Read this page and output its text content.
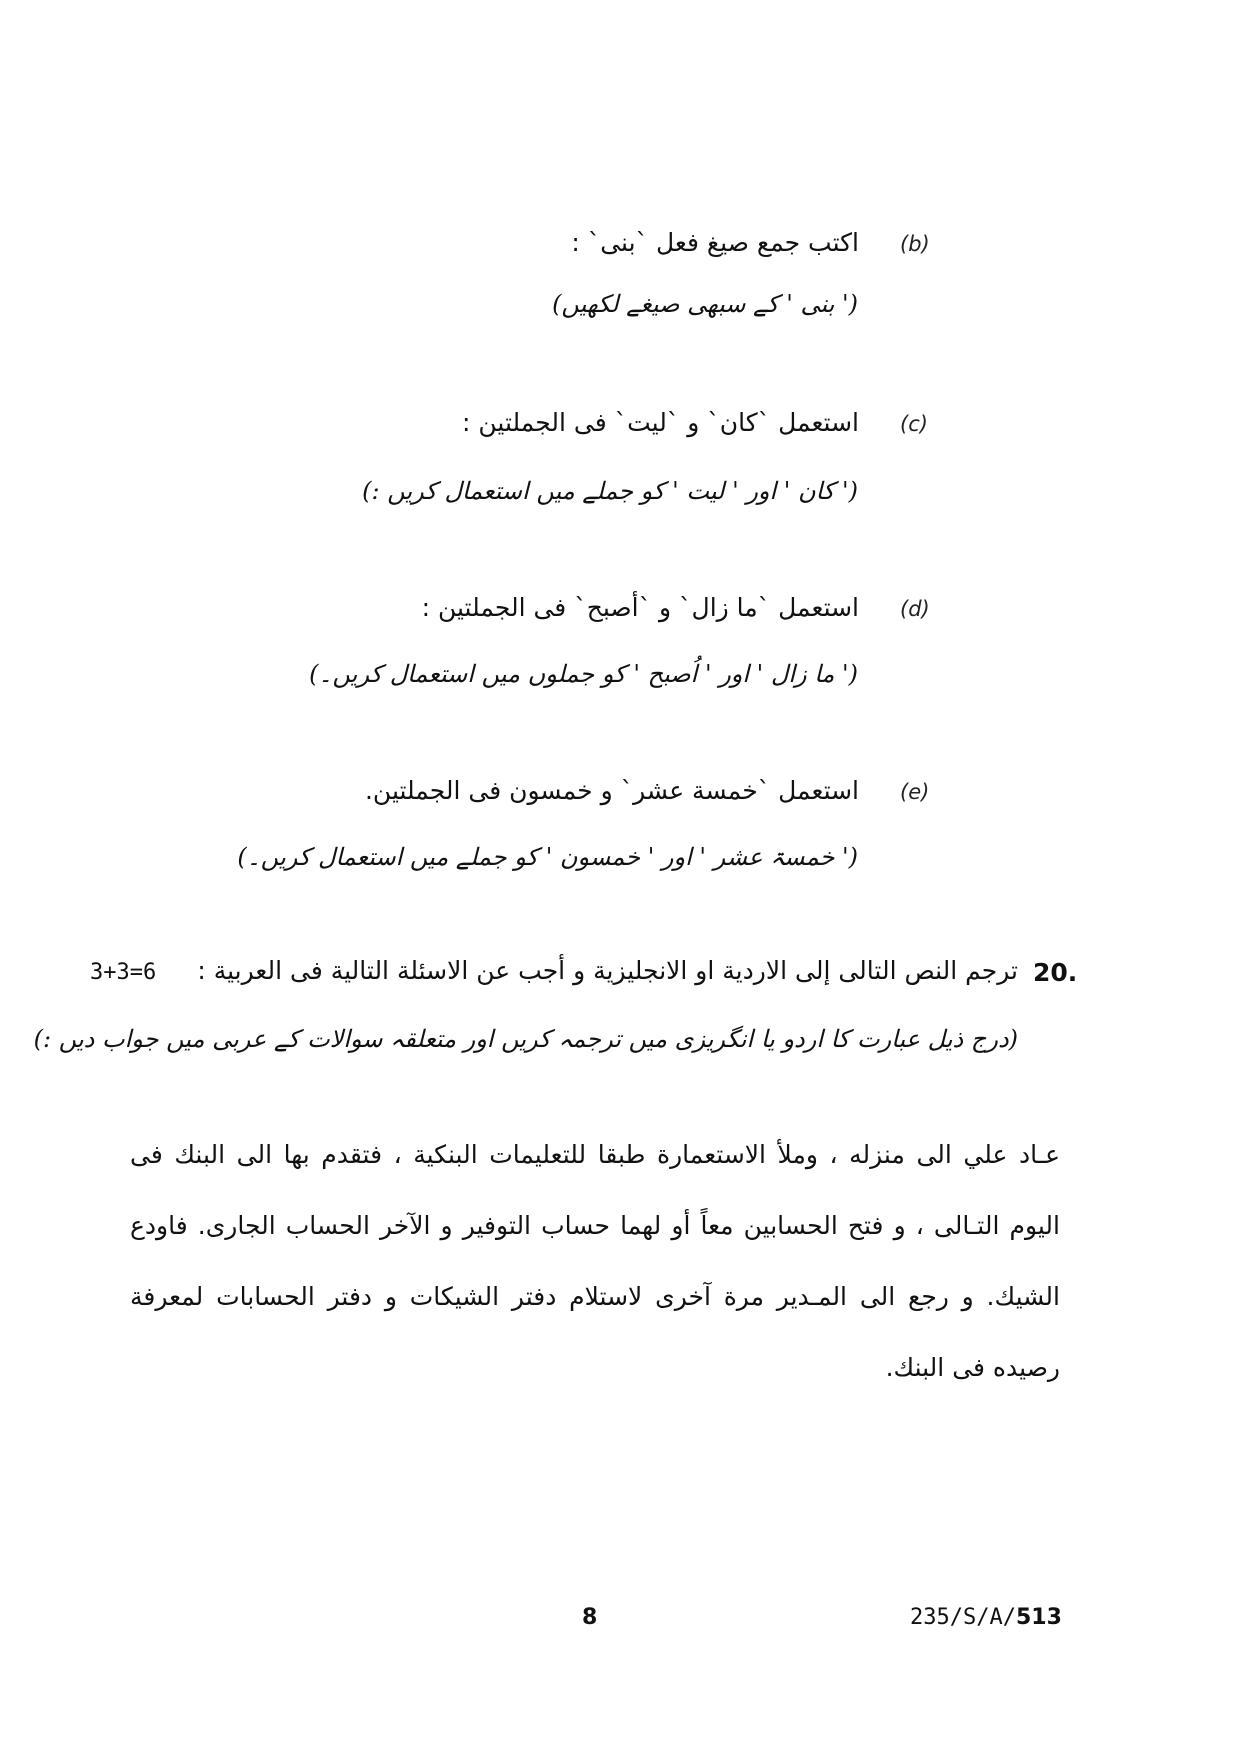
(b)
اكتب جمع صيغ فعل `بنى` :
(' بنی ' کے سبھی صیغے لکھیں)
(c)
استعمل `كان` و `ليت` فى الجملتين :
(' کان ' اور ' لیت ' کو جملے میں استعمال کریں :)
(d)
استعمل `ما زال` و `أصبح` فى الجملتين :
(' ما زال ' اور ' اُصبح ' کو جملوں میں استعمال کریں۔)
(e)
استعمل `خمسة عشر` و خمسون فى الجملتين.
(' خمسۃ عشر ' اور ' خمسون ' کو جملے میں استعمال کریں۔)
20.
ترجم النص التالى إلى الاردية او الانجليزية و أجب عن الاسئلة التالية فى العربية :
3+3=6
(درج ذیل عبارت کا اردو یا انگریزی میں ترجمہ کریں اور متعلقہ سوالات کے عربی میں جواب دیں :)
عـاد علي الى منزله ، وملأ الاستعمارة طبقا للتعليمات البنكية ، فتقدم بها الى البنك فى اليوم التـالى ، و فتح الحسابين معاً أو لهما حساب التوفير و الآخر الحساب الجارى. فاودع الشيك. و رجع الى المـدير مرة آخرى لاستلام دفتر الشيكات و دفتر الحسابات لمعرفة رصيده فى البنك.
8	235/S/A/513
